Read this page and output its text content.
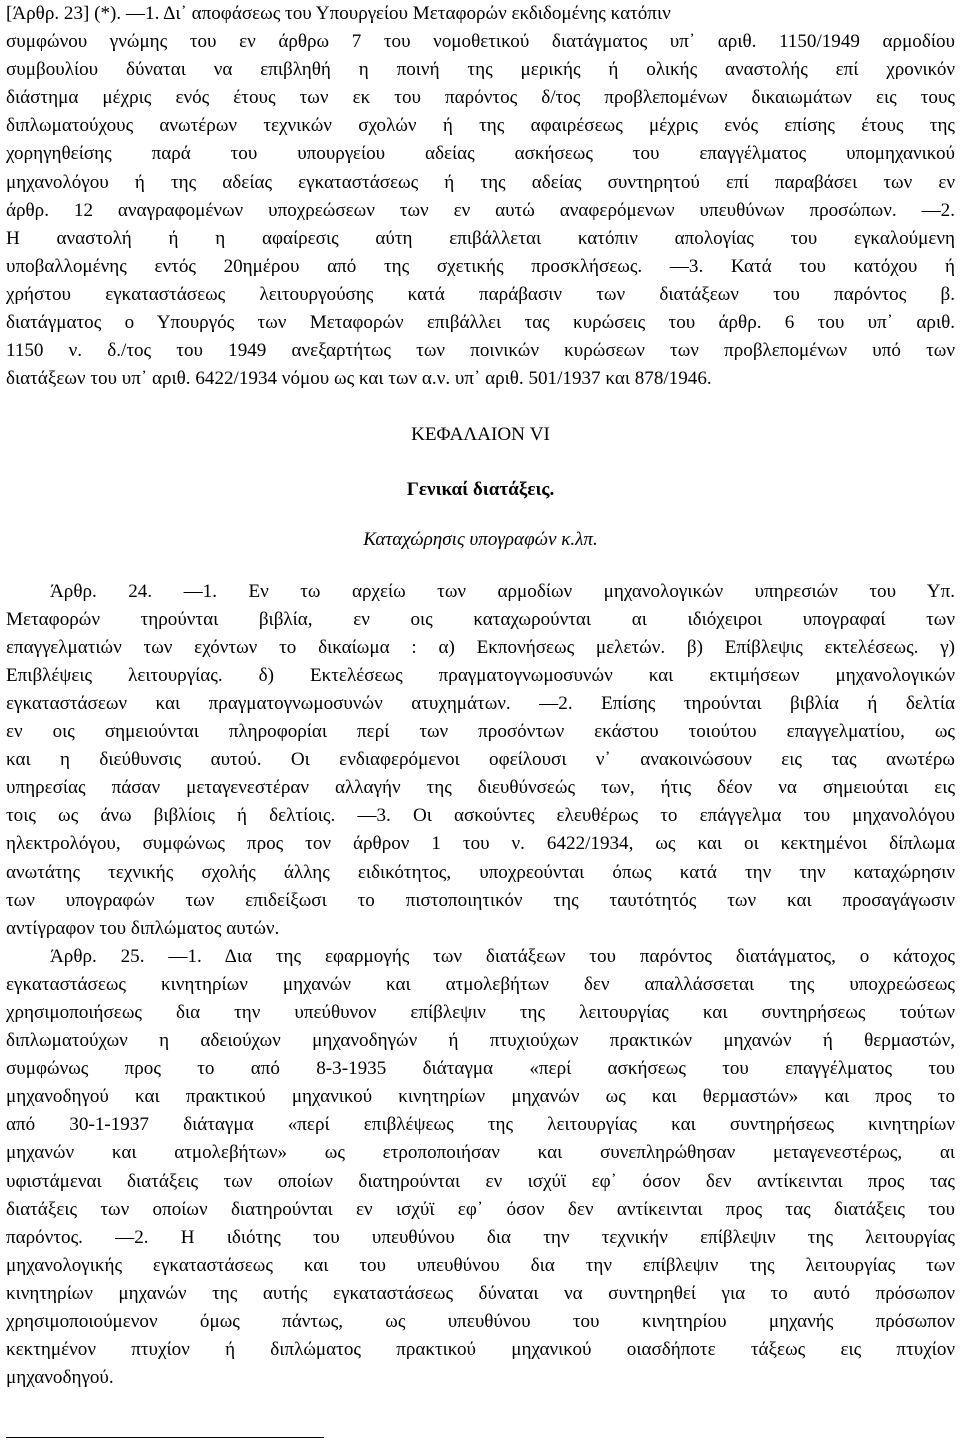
[Άρθρ. 23] (*). —1. Δι᾽ αποφάσεως του Υπουργείου Μεταφορών εκδιδομένης κατόπιν
συμφώνου γνώμης του εν άρθρω 7 του νομοθετικού διατάγματος υπ᾽ αριθ. 1150/1949 αρμοδίου
συμβουλίου δύναται να επιβληθή η ποινή της μερικής ή ολικής αναστολής επί χρονικόν
διάστημα μέχρις ενός έτους των εκ του παρόντος δ/τος προβλεπομένων δικαιωμάτων εις τους
διπλωματούχους ανωτέρων τεχνικών σχολών ή της αφαιρέσεως μέχρις ενός επίσης έτους της
χορηγηθείσης παρά του υπουργείου αδείας ασκήσεως του επαγγέλματος υπομηχανικού
μηχανολόγου ή της αδείας εγκαταστάσεως ή της αδείας συντηρητού επί παραβάσει των εν
άρθρ. 12 αναγραφομένων υποχρεώσεων των εν αυτώ αναφερόμενων υπευθύνων προσώπων. —2.
Η αναστολή ή η αφαίρεσις αύτη επιβάλλεται κατόπιν απολογίας του εγκαλούμενη
υποβαλλομένης εντός 20ημέρου από της σχετικής προσκλήσεως. —3. Κατά του κατόχου ή
χρήστου εγκαταστάσεως λειτουργούσης κατά παράβασιν των διατάξεων του παρόντος β.
διατάγματος ο Υπουργός των Μεταφορών επιβάλλει τας κυρώσεις του άρθρ. 6 του υπ᾽ αριθ.
1150 ν. δ./τος του 1949 ανεξαρτήτως των ποινικών κυρώσεων των προβλεπομένων υπό των
διατάξεων του υπ᾽ αριθ. 6422/1934 νόμου ως και των α.ν. υπ᾽ αριθ. 501/1937 και 878/1946.
ΚΕΦΑΛΑΙΟΝ VI
Γενικαί διατάξεις.
Καταχώρησις υπογραφών κ.λπ.
Άρθρ. 24. —1. Εν τω αρχείω των αρμοδίων μηχανολογικών υπηρεσιών του Υπ.
Μεταφορών τηρούνται βιβλία, εν οις καταχωρούνται αι ιδιόχειροι υπογραφαί των
επαγγελματιών των εχόντων το δικαίωμα : α) Εκπονήσεως μελετών. β) Επίβλεψις εκτελέσεως. γ)
Επιβλέψεις λειτουργίας. δ) Εκτελέσεως πραγματογνωμοσυνών και εκτιμήσεων μηχανολογικών
εγκαταστάσεων και πραγματογνωμοσυνών ατυχημάτων. —2. Επίσης τηρούνται βιβλία ή δελτία
εν οις σημειούνται πληροφορίαι περί των προσόντων εκάστου τοιούτου επαγγελματίου, ως
και η διεύθυνσις αυτού. Οι ενδιαφερόμενοι οφείλουσι ν᾽ ανακοινώσουν εις τας ανωτέρω
υπηρεσίας πάσαν μεταγενεστέραν αλλαγήν της διευθύνσεώς των, ήτις δέον να σημειούται εις
τοις ως άνω βιβλίοις ή δελτίοις. —3. Οι ασκούντες ελευθέρως το επάγγελμα του μηχανολόγου
ηλεκτρολόγου, συμφώνως προς τον άρθρον 1 του ν. 6422/1934, ως και οι κεκτημένοι δίπλωμα
ανωτάτης τεχνικής σχολής άλλης ειδικότητος, υποχρεούνται όπως κατά την την καταχώρησιν
των υπογραφών των επιδείξωσι το πιστοποιητικόν της ταυτότητός των και προσαγάγωσιν
αντίγραφον του διπλώματος αυτών.
Άρθρ. 25. —1. Δια της εφαρμογής των διατάξεων του παρόντος διατάγματος, ο κάτοχος
εγκαταστάσεως κινητηρίων μηχανών και ατμολεβήτων δεν απαλλάσσεται της υποχρεώσεως
χρησιμοποιήσεως δια την υπεύθυνον επίβλεψιν της λειτουργίας και συντηρήσεως τούτων
διπλωματούχων η αδειούχων μηχανοδηγών ή πτυχιούχων πρακτικών μηχανών ή θερμαστών,
συμφώνως προς το από 8-3-1935 διάταγμα «περί ασκήσεως του επαγγέλματος του
μηχανοδηγού και πρακτικού μηχανικού κινητηρίων μηχανών ως και θερμαστών» και προς το
από 30-1-1937 διάταγμα «περί επιβλέψεως της λειτουργίας και συντηρήσεως κινητηρίων
μηχανών και ατμολεβήτων» ως ετροποποιήσαν και συνεπληρώθησαν μεταγενεστέρως, αι
υφιστάμεναι διατάξεις των οποίων διατηρούνται εν ισχύϊ εφ᾽ όσον δεν αντίκεινται προς τας
διατάξεις των οποίων διατηρούνται εν ισχύϊ εφ᾽ όσον δεν αντίκεινται προς τας διατάξεις του
παρόντος. —2. Η ιδιότης του υπευθύνου δια την τεχνικήν επίβλεψιν της λειτουργίας
μηχανολογικής εγκαταστάσεως και του υπευθύνου δια την επίβλεψιν της λειτουργίας των
κινητηρίων μηχανών της αυτής εγκαταστάσεως δύναται να συντηρηθεί για το αυτό πρόσωπον
χρησιμοποιούμενον όμως πάντως, ως υπευθύνου του κινητηρίου μηχανής πρόσωπον
κεκτημένον πτυχίον ή διπλώματος πρακτικού μηχανικού οιασδήποτε τάξεως εις πτυχίον
μηχανοδηγού.
